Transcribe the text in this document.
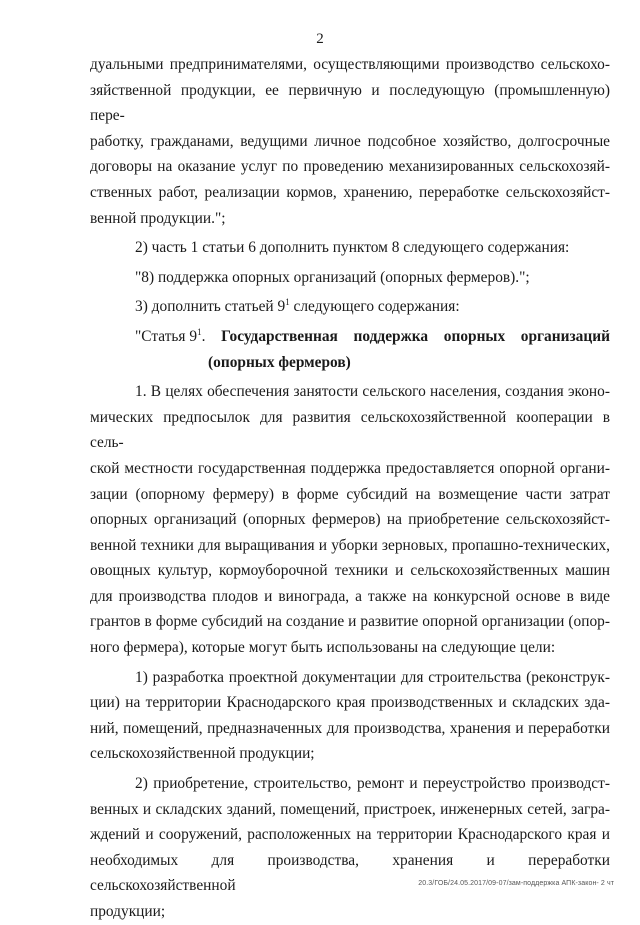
2

дуальными предпринимателями, осуществляющими производство сельскохо-

зяйственной продукции, ее первичную и последующую (промышленную) пере-

работку, гражданами, ведущими личное подсобное хозяйство, долгосрочные

договоры на оказание услуг по проведению механизированных сельскохозяй-

ственных работ, реализации кормов, хранению, переработке сельскохозяйст-

венной продукции.";

2) часть 1 статьи 6 дополнить пунктом 8 следующего содержания:

"8) поддержка опорных организаций (опорных фермеров).";

3) дополнить статьей $9^1$ следующего содержания:

"Статья $9^1$. Государственная поддержка опорных организаций
(опорных фермеров)

1. В целях обеспечения занятости сельского населения, создания эконо-

мических предпосылок для развития сельскохозяйственной кооперации в сель-

ской местности государственная поддержка предоставляется опорной органи-

зации (опорному фермеру) в форме субсидий на возмещение части затрат

опорных организаций (опорных фермеров) на приобретение сельскохозяйст-

венной техники для выращивания и уборки зерновых, пропашно-технических,

овощных культур, кормоуборочной техники и сельскохозяйственных машин

для производства плодов и винограда, а также на конкурсной основе в виде

грантов в форме субсидий на создание и развитие опорной организации (опор-

ного фермера), которые могут быть использованы на следующие цели:

1) разработка проектной документации для строительства (реконструк-

ции) на территории Краснодарского края производственных и складских зда-

ний, помещений, предназначенных для производства, хранения и переработки

сельскохозяйственной продукции;

2) приобретение, строительство, ремонт и переустройство производст-

венных и складских зданий, помещений, пристроек, инженерных сетей, загра-

ждений и сооружений, расположенных на территории Краснодарского края и

необходимых для производства, хранения и переработки сельскохозяйственной

продукции;

20.3/ГОБ/24.05.2017/09-07/зам-поддержка АПК-закон- 2 чт
